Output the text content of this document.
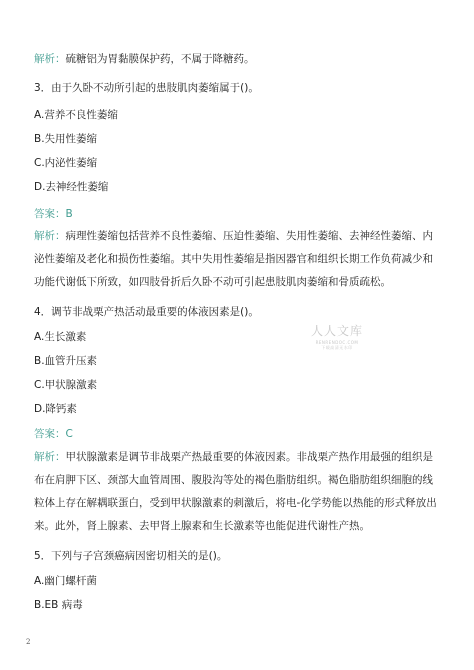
解析：硫糖铝为胃黏膜保护药，不属于降糖药。
3．由于久卧不动所引起的患肢肌肉萎缩属于()。
A.营养不良性萎缩
B.失用性萎缩
C.内泌性萎缩
D.去神经性萎缩
答案：B
解析：病理性萎缩包括营养不良性萎缩、压迫性萎缩、失用性萎缩、去神经性萎缩、内泌性萎缩及老化和损伤性萎缩。其中失用性萎缩是指因器官和组织长期工作负荷减少和功能代谢低下所致，如四肢骨折后久卧不动可引起患肢肌肉萎缩和骨质疏松。
4．调节非战栗产热活动最重要的体液因素是()。
A.生长激素
B.血管升压素
C.甲状腺激素
D.降钙素
答案：C
解析：甲状腺激素是调节非战栗产热最重要的体液因素。非战栗产热作用最强的组织是布在肩胛下区、颈部大血管周围、腹股沟等处的褐色脂肪组织。褐色脂肪组织细胞的线粒体上存在解耦联蛋白，受到甲状腺激素的刺激后，将电-化学势能以热能的形式释放出来。此外，肾上腺素、去甲肾上腺素和生长激素等也能促进代谢性产热。
5．下列与子宫颈癌病因密切相关的是()。
A.幽门螺杆菌
B.EB 病毒
人人文库
RENRENDOC.COM
下载高清无水印
2
